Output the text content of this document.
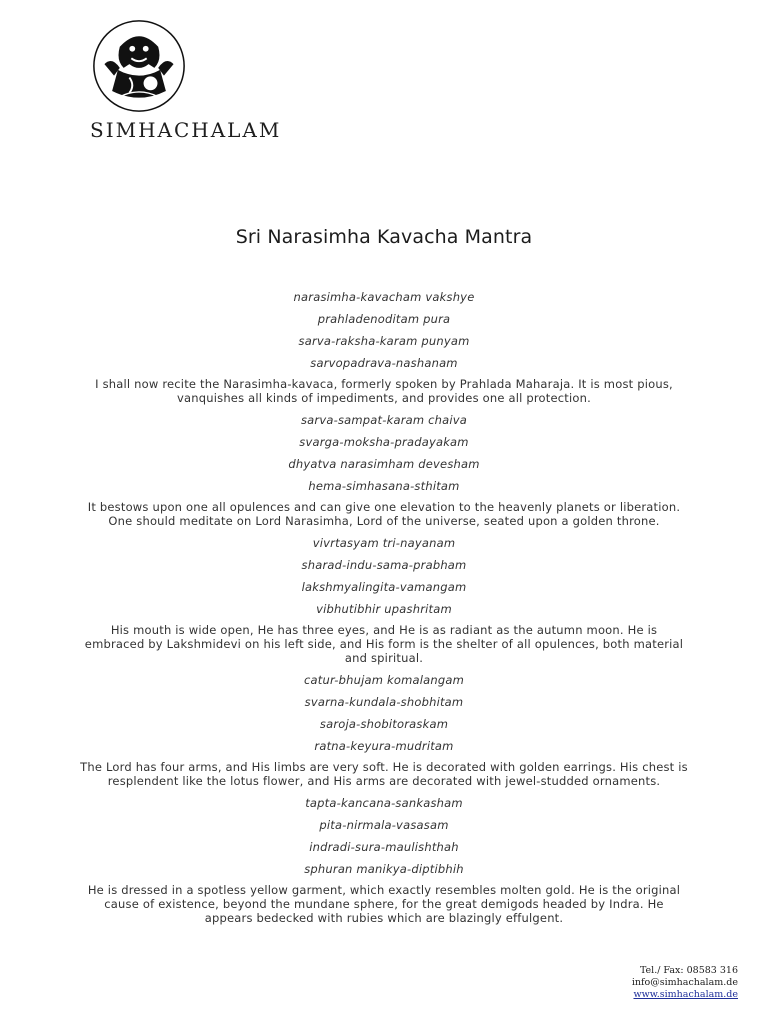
SIMHACHALAM
Sri Narasimha Kavacha Mantra

narasimha-kavacham vakshye

prahladenoditam pura

sarva-raksha-karam punyam

sarvopadrava-nashanam

I shall now recite the Narasimha-kavaca, formerly spoken by Prahlada Maharaja. It is most pious, vanquishes all kinds of impediments, and provides one all protection.

sarva-sampat-karam chaiva

svarga-moksha-pradayakam

dhyatva narasimham devesham

hema-simhasana-sthitam

It bestows upon one all opulences and can give one elevation to the heavenly planets or liberation. One should meditate on Lord Narasimha, Lord of the universe, seated upon a golden throne.

vivrtasyam tri-nayanam

sharad-indu-sama-prabham

lakshmyalingita-vamangam

vibhutibhir upashritam

His mouth is wide open, He has three eyes, and He is as radiant as the autumn moon. He is embraced by Lakshmidevi on his left side, and His form is the shelter of all opulences, both material and spiritual.

catur-bhujam komalangam

svarna-kundala-shobhitam

saroja-shobitoraskam

ratna-keyura-mudritam

The Lord has four arms, and His limbs are very soft. He is decorated with golden earrings. His chest is resplendent like the lotus flower, and His arms are decorated with jewel-studded ornaments.

tapta-kancana-sankasham

pita-nirmala-vasasam

indradi-sura-maulishthah

sphuran manikya-diptibhih

He is dressed in a spotless yellow garment, which exactly resembles molten gold. He is the original cause of existence, beyond the mundane sphere, for the great demigods headed by Indra. He appears bedecked with rubies which are blazingly effulgent.
Tel./ Fax: 08583 316
info@simhachalam.de
www.simhachalam.de
